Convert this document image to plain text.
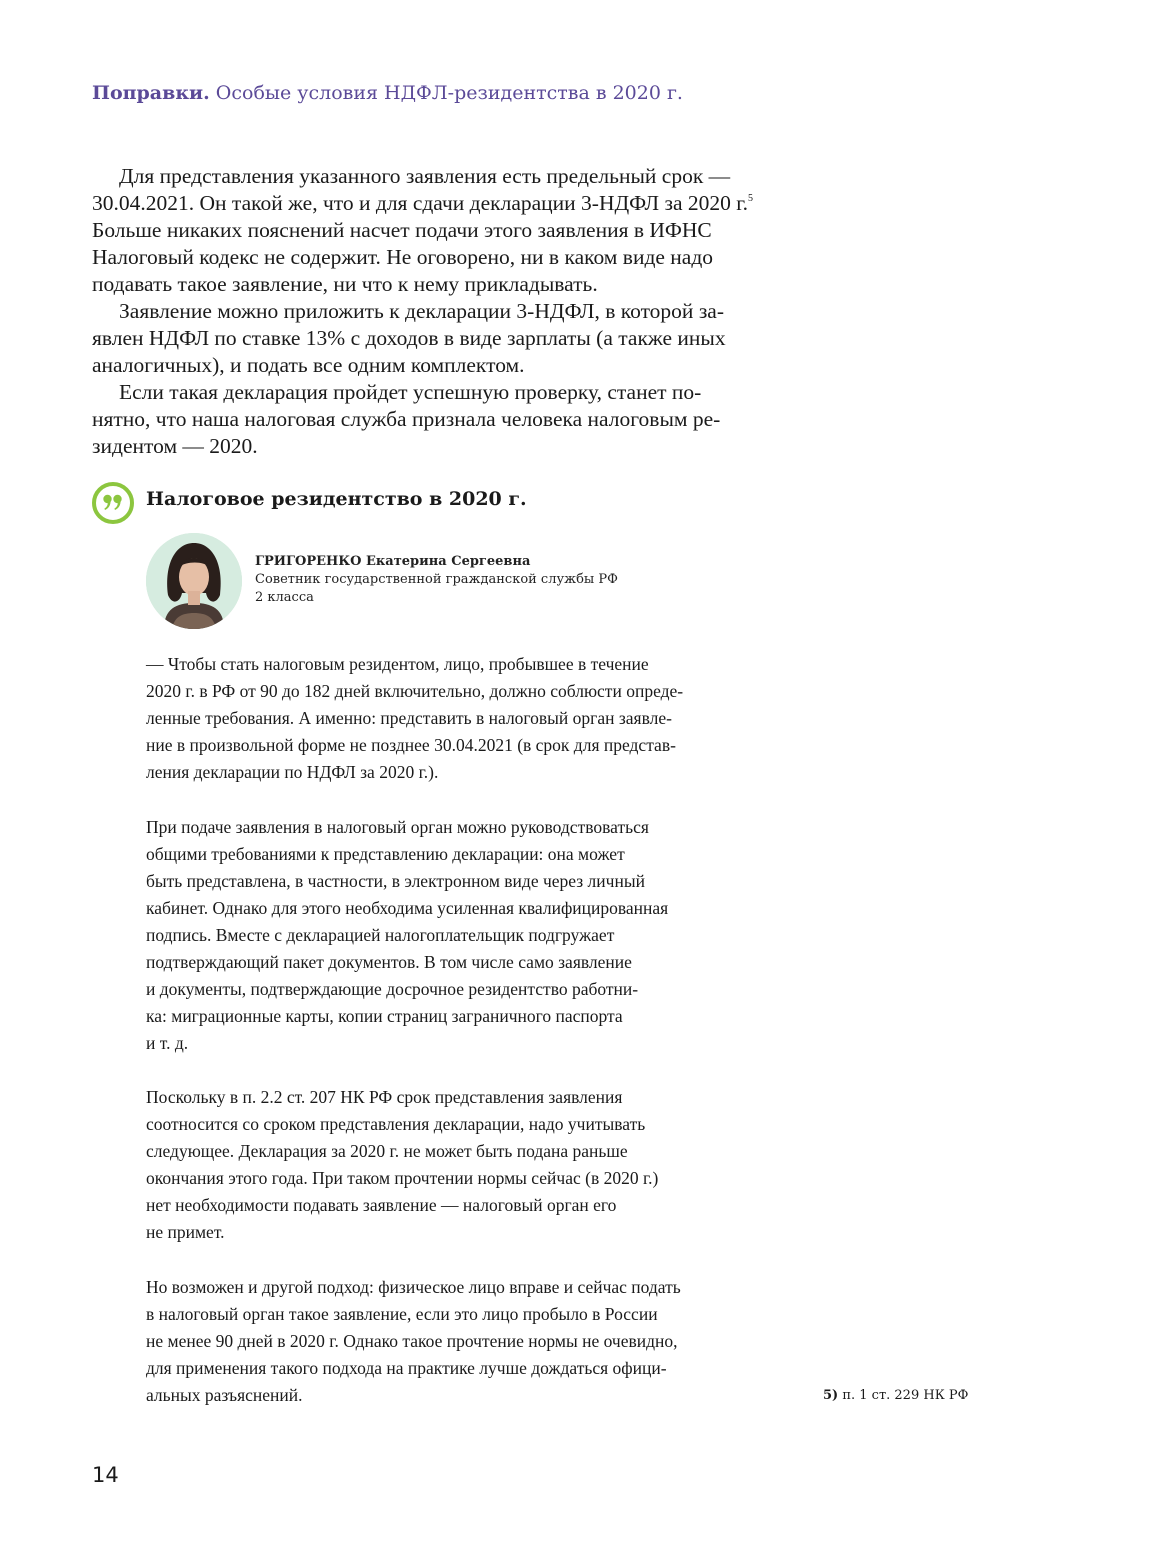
Поправки. Особые условия НДФЛ-резидентства в 2020 г.
Для представления указанного заявления есть предельный срок —
30.04.2021. Он такой же, что и для сдачи декларации 3-НДФЛ за 2020 г.$^5$
Больше никаких пояснений насчет подачи этого заявления в ИФНС
Налоговый кодекс не содержит. Не оговорено, ни в каком виде надо
подавать такое заявление, ни что к нему прикладывать.
Заявление можно приложить к декларации 3-НДФЛ, в которой за-
явлен НДФЛ по ставке 13% с доходов в виде зарплаты (а также иных
аналогичных), и подать все одним комплектом.
Если такая декларация пройдет успешную проверку, станет по-
нятно, что наша налоговая служба признала человека налоговым ре-
зидентом — 2020.
Налоговое резидентство в 2020 г.
ГРИГОРЕНКО Екатерина Сергеевна
Советник государственной гражданской службы РФ
2 класса
— Чтобы стать налоговым резидентом, лицо, пробывшее в течение
2020 г. в РФ от 90 до 182 дней включительно, должно соблюсти опреде-
ленные требования. А именно: представить в налоговый орган заявле-
ние в произвольной форме не позднее 30.04.2021 (в срок для представ-
ления декларации по НДФЛ за 2020 г.).
При подаче заявления в налоговый орган можно руководствоваться
общими требованиями к представлению декларации: она может
быть представлена, в частности, в электронном виде через личный
кабинет. Однако для этого необходима усиленная квалифицированная
подпись. Вместе с декларацией налогоплательщик подгружает
подтверждающий пакет документов. В том числе само заявление
и документы, подтверждающие досрочное резидентство работни-
ка: миграционные карты, копии страниц заграничного паспорта
и т. д.
Поскольку в п. 2.2 ст. 207 НК РФ срок представления заявления
соотносится со сроком представления декларации, надо учитывать
следующее. Декларация за 2020 г. не может быть подана раньше
окончания этого года. При таком прочтении нормы сейчас (в 2020 г.)
нет необходимости подавать заявление — налоговый орган его
не примет.
Но возможен и другой подход: физическое лицо вправе и сейчас подать
в налоговый орган такое заявление, если это лицо пробыло в России
не менее 90 дней в 2020 г. Однако такое прочтение нормы не очевидно,
для применения такого подхода на практике лучше дождаться офици-
альных разъяснений.	5) п. 1 ст. 229 НК РФ
14
